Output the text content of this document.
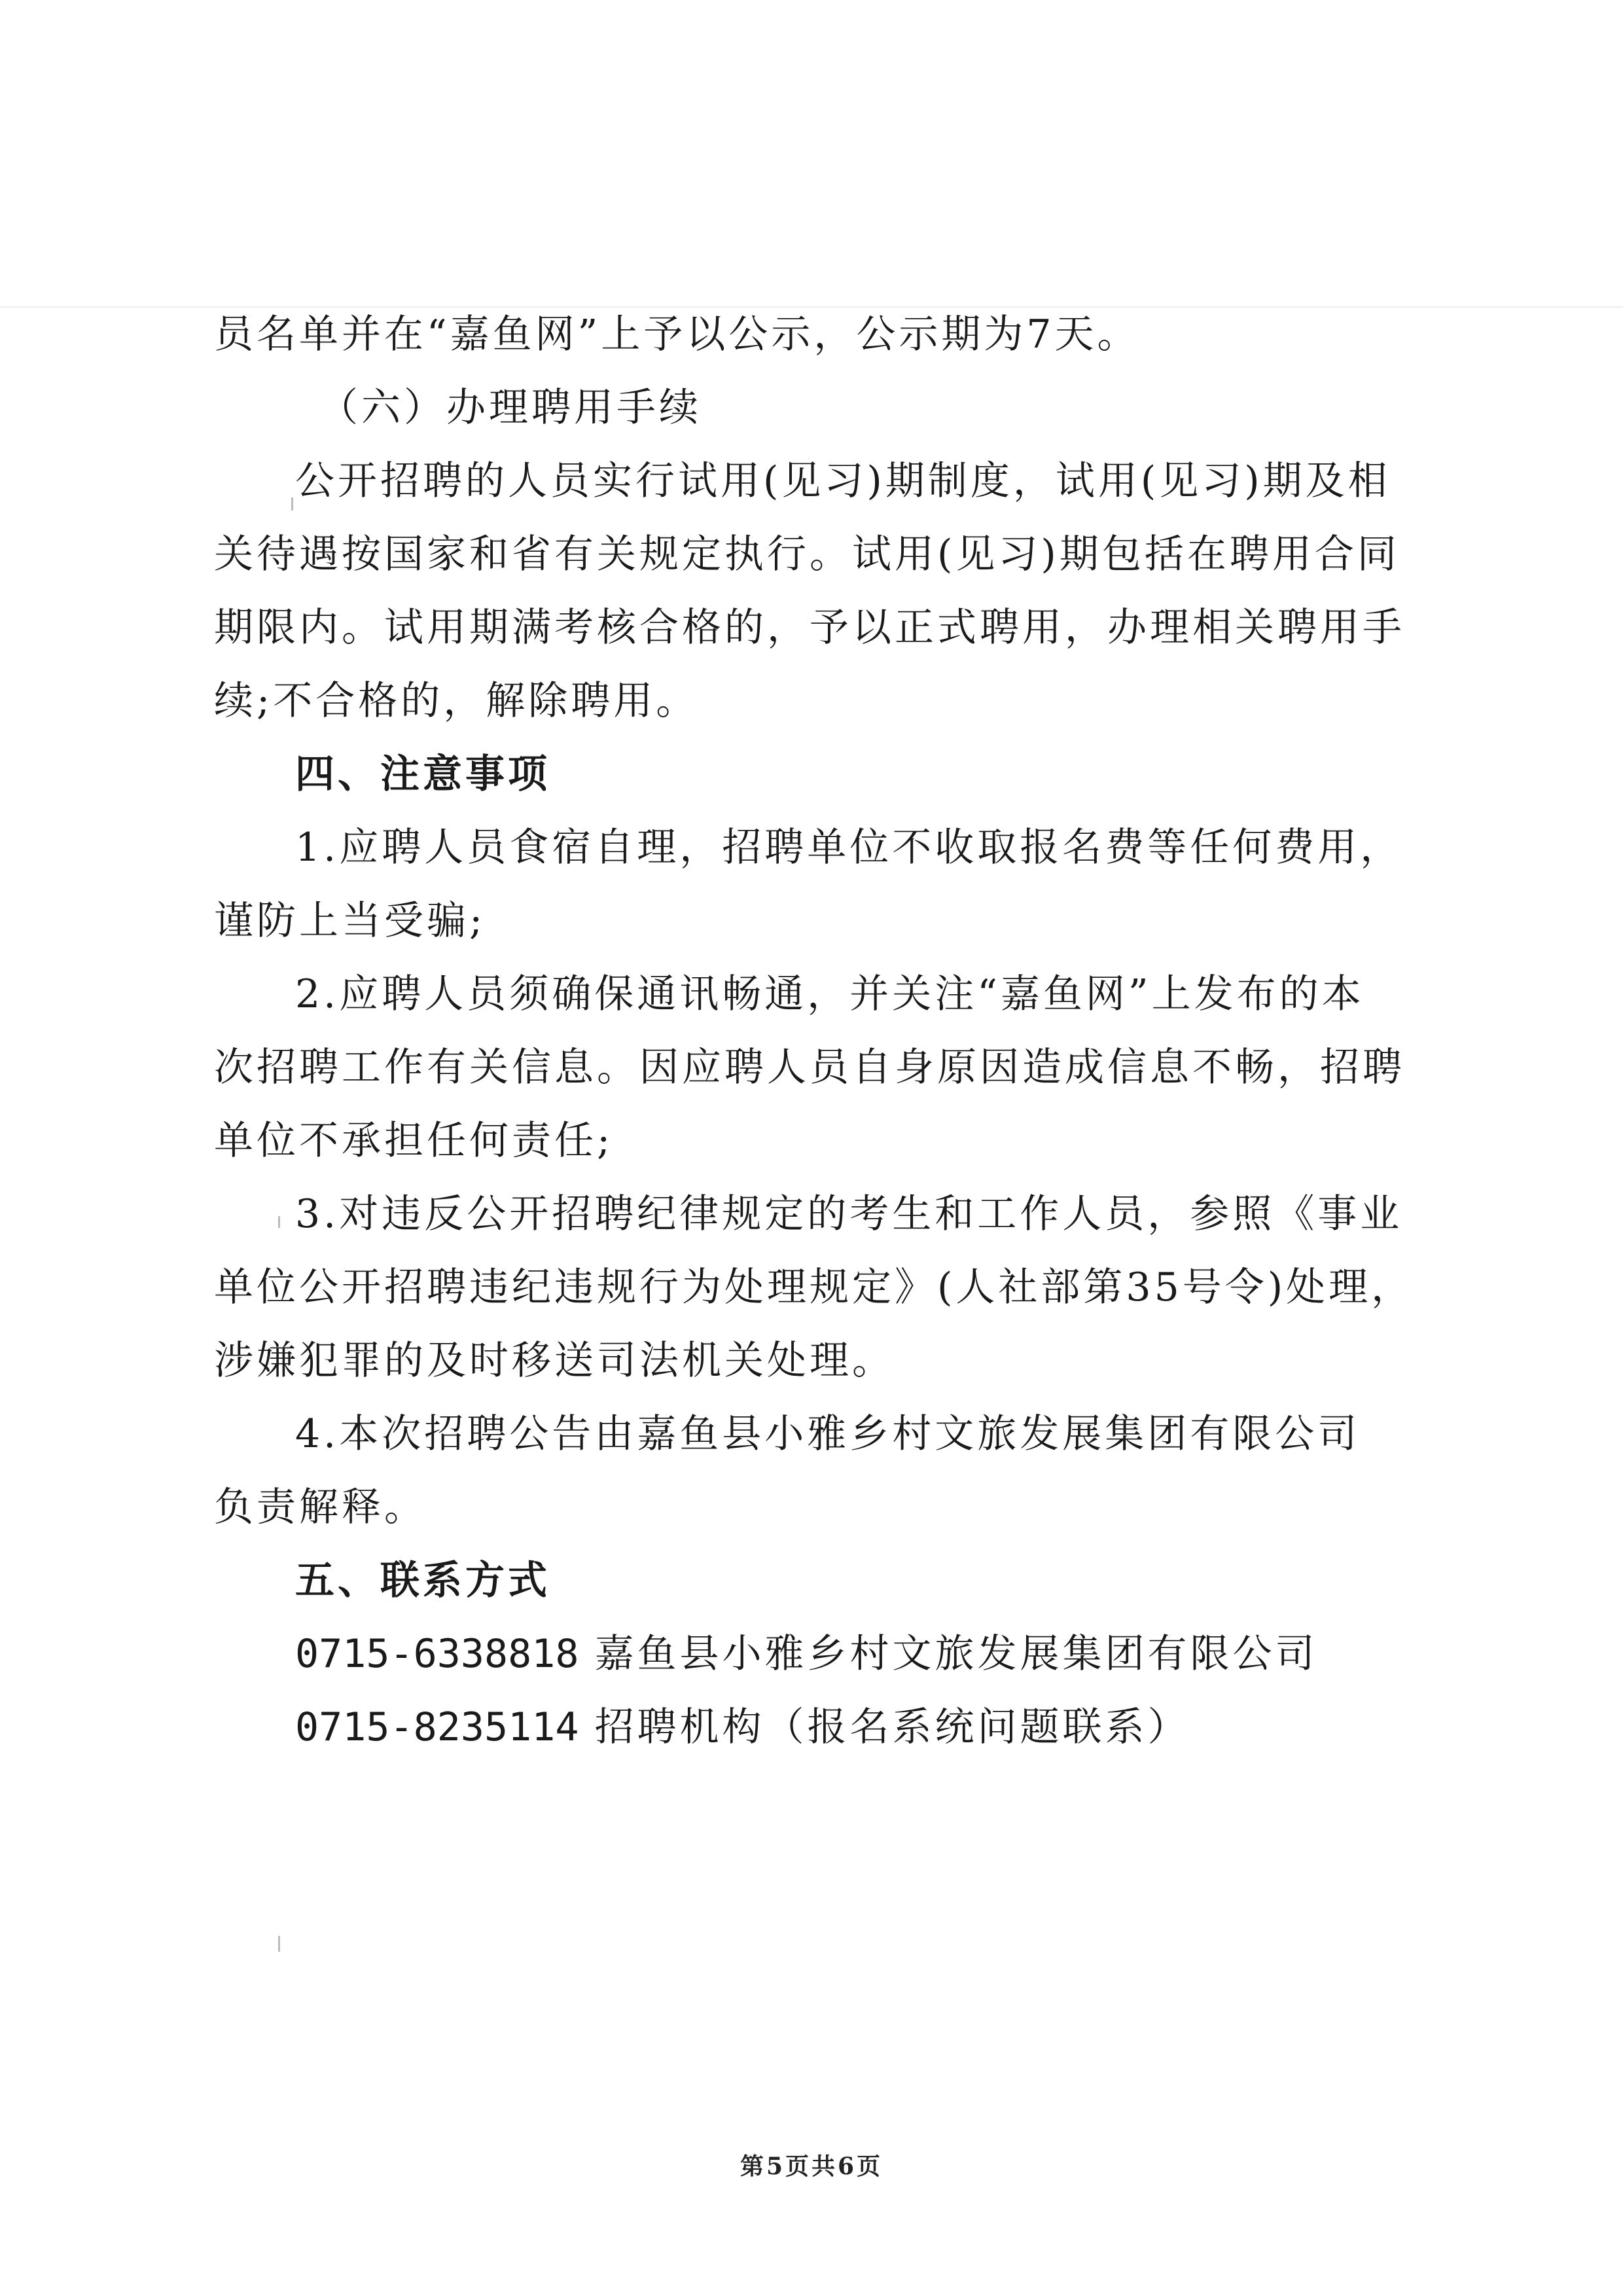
员名单并在“嘉鱼网”上予以公示，公示期为7天。

（六）办理聘用手续

公开招聘的人员实行试用(见习)期制度，试用(见习)期及相

关待遇按国家和省有关规定执行。试用(见习)期包括在聘用合同

期限内。试用期满考核合格的，予以正式聘用，办理相关聘用手

续;不合格的，解除聘用。

四、注意事项

1.应聘人员食宿自理，招聘单位不收取报名费等任何费用，

谨防上当受骗;

2.应聘人员须确保通讯畅通，并关注“嘉鱼网”上发布的本

次招聘工作有关信息。因应聘人员自身原因造成信息不畅，招聘

单位不承担任何责任;

3.对违反公开招聘纪律规定的考生和工作人员，参照《事业

单位公开招聘违纪违规行为处理规定》(人社部第35号令)处理，

涉嫌犯罪的及时移送司法机关处理。

4.本次招聘公告由嘉鱼县小雅乡村文旅发展集团有限公司

负责解释。

五、联系方式

0715-6338818 嘉鱼县小雅乡村文旅发展集团有限公司

0715-8235114 招聘机构（报名系统问题联系）

第5页共6页
